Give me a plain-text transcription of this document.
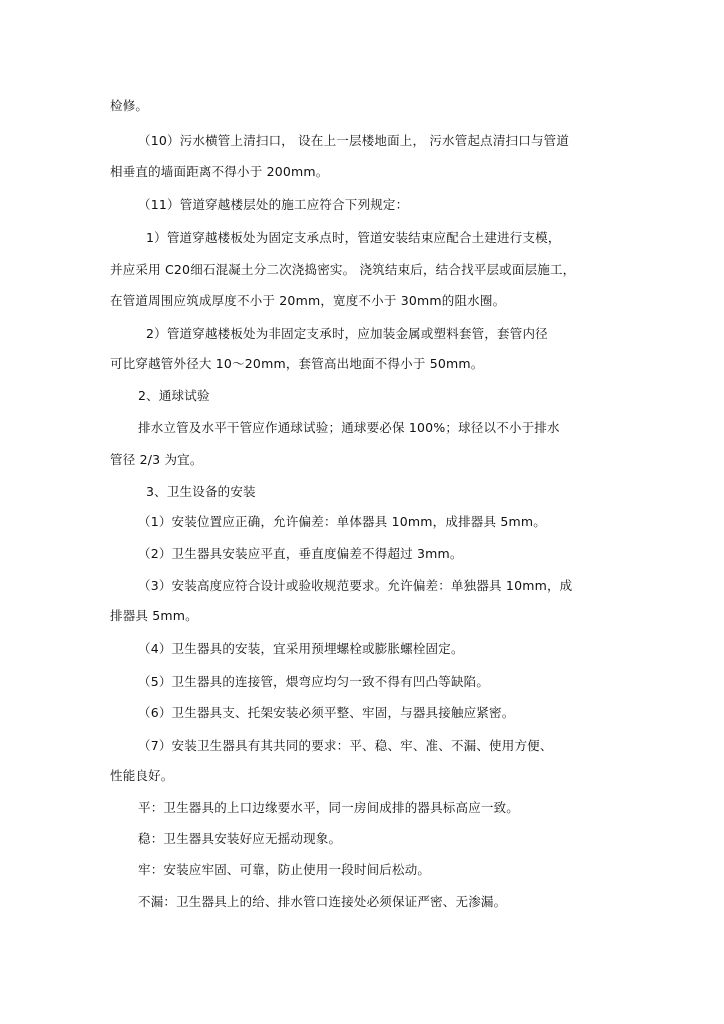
检修。
（10）污水横管上清扫口， 设在上一层楼地面上， 污水管起点清扫口与管道
相垂直的墙面距离不得小于 200mm。
（11）管道穿越楼层处的施工应符合下列规定：
1）管道穿越楼板处为固定支承点时，管道安装结束应配合土建进行支模，
并应采用 C20细石混凝土分二次浇捣密实。 浇筑结束后，结合找平层或面层施工，
在管道周围应筑成厚度不小于 20mm，宽度不小于 30mm的阻水圈。
2）管道穿越楼板处为非固定支承时，应加装金属或塑料套管，套管内径
可比穿越管外径大 10～20mm，套管高出地面不得小于 50mm。
2、通球试验
排水立管及水平干管应作通球试验；通球要必保 100%；球径以不小于排水
管径 2/3 为宜。
3、卫生设备的安装
（1）安装位置应正确，允许偏差：单体器具 10mm，成排器具 5mm。
（2）卫生器具安装应平直，垂直度偏差不得超过 3mm。
（3）安装高度应符合设计或验收规范要求。允许偏差：单独器具 10mm，成
排器具 5mm。
（4）卫生器具的安装，宜采用预埋螺栓或膨胀螺栓固定。
（5）卫生器具的连接管，煨弯应均匀一致不得有凹凸等缺陷。
（6）卫生器具支、托架安装必须平整、牢固，与器具接触应紧密。
（7）安装卫生器具有其共同的要求：平、稳、牢、准、不漏、使用方便、
性能良好。
平：卫生器具的上口边缘要水平，同一房间成排的器具标高应一致。
稳：卫生器具安装好应无摇动现象。
牢：安装应牢固、可靠，防止使用一段时间后松动。
不漏：卫生器具上的给、排水管口连接处必须保证严密、无渗漏。
